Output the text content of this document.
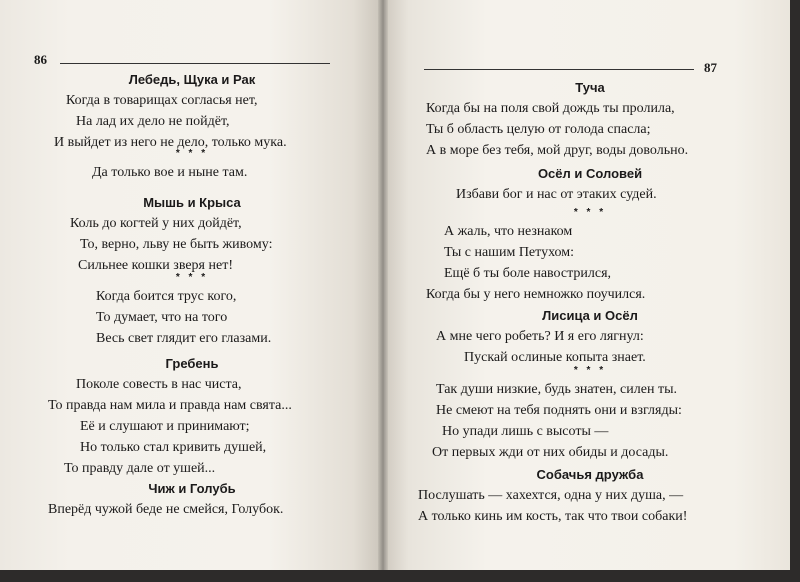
86
Лебедь, Щука и Рак
Когда в товарищах согласья нет,
На лад их дело не пойдёт,
И выйдет из него не дело, только мука.
* * *
Да только вое и ныне там.
Мышь и Крыса
Коль до когтей у них дойдёт,
То, верно, льву не быть живому:
Сильнее кошки зверя нет!
* * *
Когда боится трус кого,
То думает, что на того
Весь свет глядит его глазами.
Гребень
Поколе совесть в нас чиста,
То правда нам мила и правда нам свята...
Её и слушают и принимают;
Но только стал кривить душей,
То правду дале от ушей...
Чиж и Голубь
Вперёд чужой беде не смейся, Голубок.
87
Туча
Когда бы на поля свой дождь ты пролила,
Ты б область целую от голода спасла;
А в море без тебя, мой друг, воды довольно.
Осёл и Соловей
Избави бог и нас от этаких судей.
* * *
А жаль, что незнаком
Ты с нашим Петухом:
Ещё б ты боле навострился,
Когда бы у него немножко поучился.
Лисица и Осёл
А мне чего робеть? И я его лягнул:
Пускай ослиные копыта знает.
* * *
Так души низкие, будь знатен, силен ты.
Не смеют на тебя поднять они и взгляды:
Но упади лишь с высоты —
От первых жди от них обиды и досады.
Собачья дружба
Послушать — хахехтся, одна у них душа, —
А только кинь им кость, так что твои собаки!
